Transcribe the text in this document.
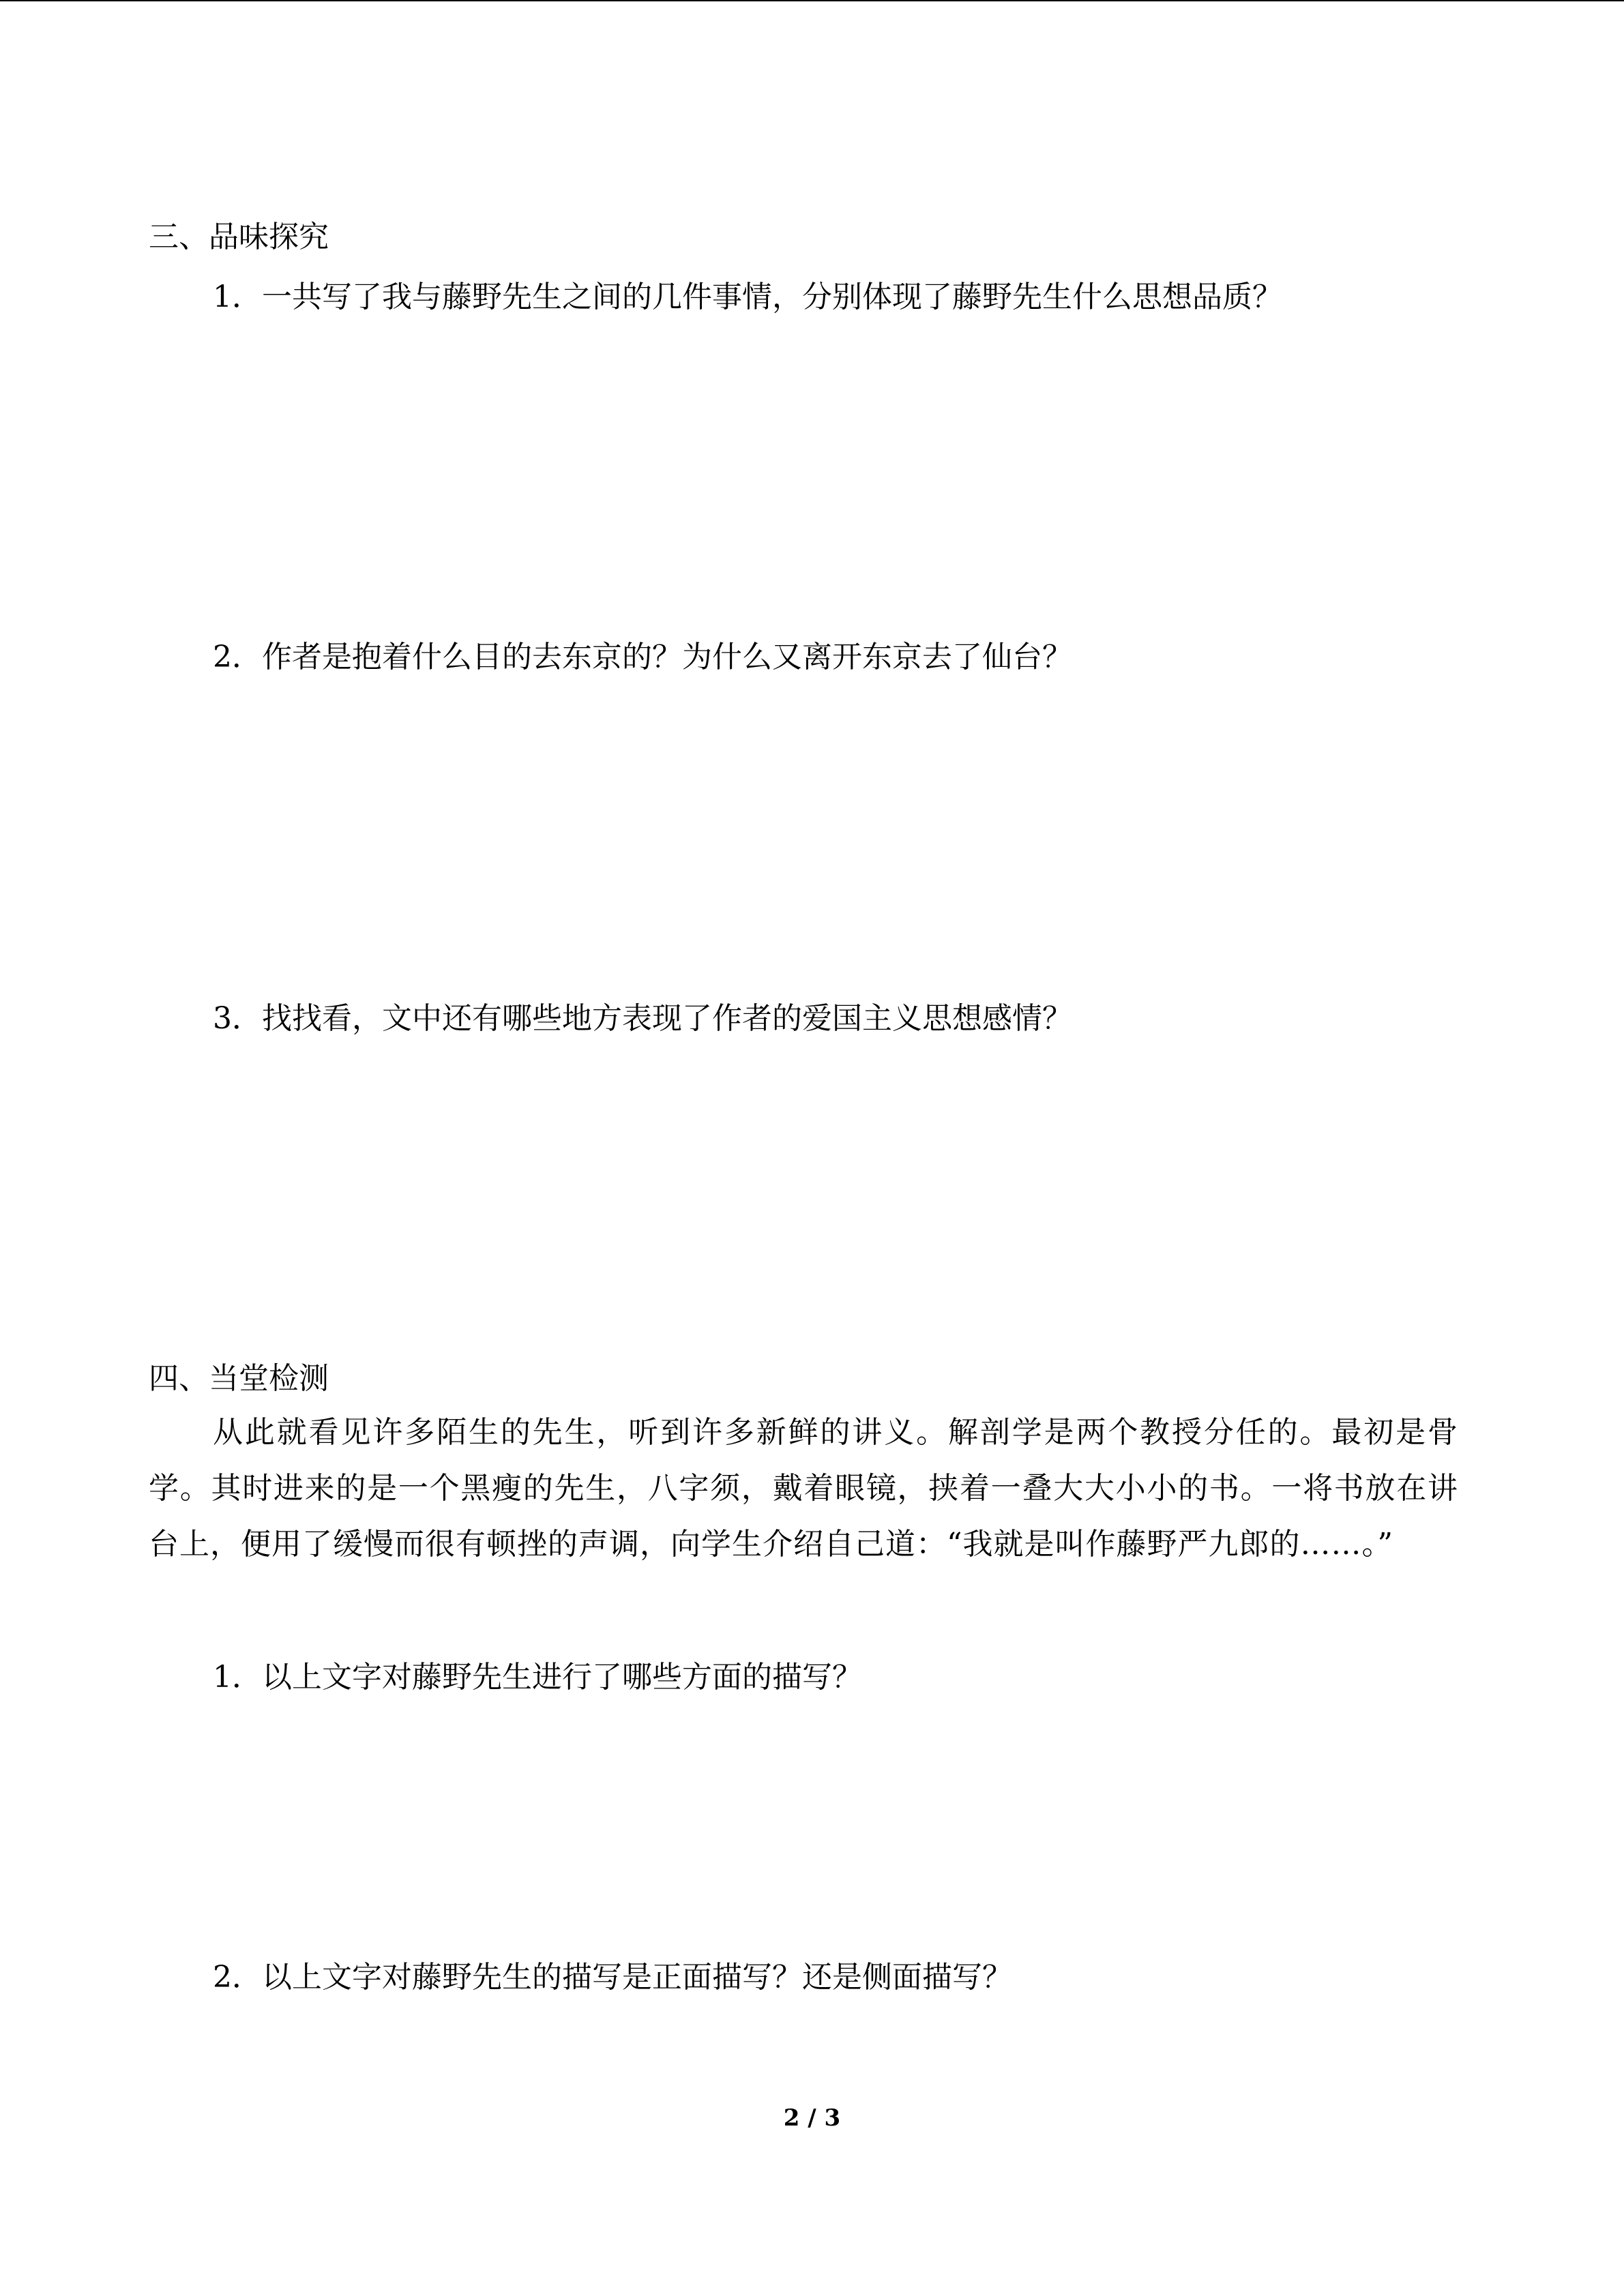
三、品味探究
1．一共写了我与藤野先生之间的几件事情，分别体现了藤野先生什么思想品质？
2．作者是抱着什么目的去东京的？为什么又离开东京去了仙台？
3．找找看，文中还有哪些地方表现了作者的爱国主义思想感情？
四、当堂检测
从此就看见许多陌生的先生，听到许多新鲜的讲义。解剖学是两个教授分任的。最初是骨学。其时进来的是一个黑瘦的先生，八字须，戴着眼镜，挟着一叠大大小小的书。一将书放在讲台上，便用了缓慢而很有顿挫的声调，向学生介绍自己道：“我就是叫作藤野严九郎的……。”
1．以上文字对藤野先生进行了哪些方面的描写？
2．以上文字对藤野先生的描写是正面描写？还是侧面描写？
2 / 3
